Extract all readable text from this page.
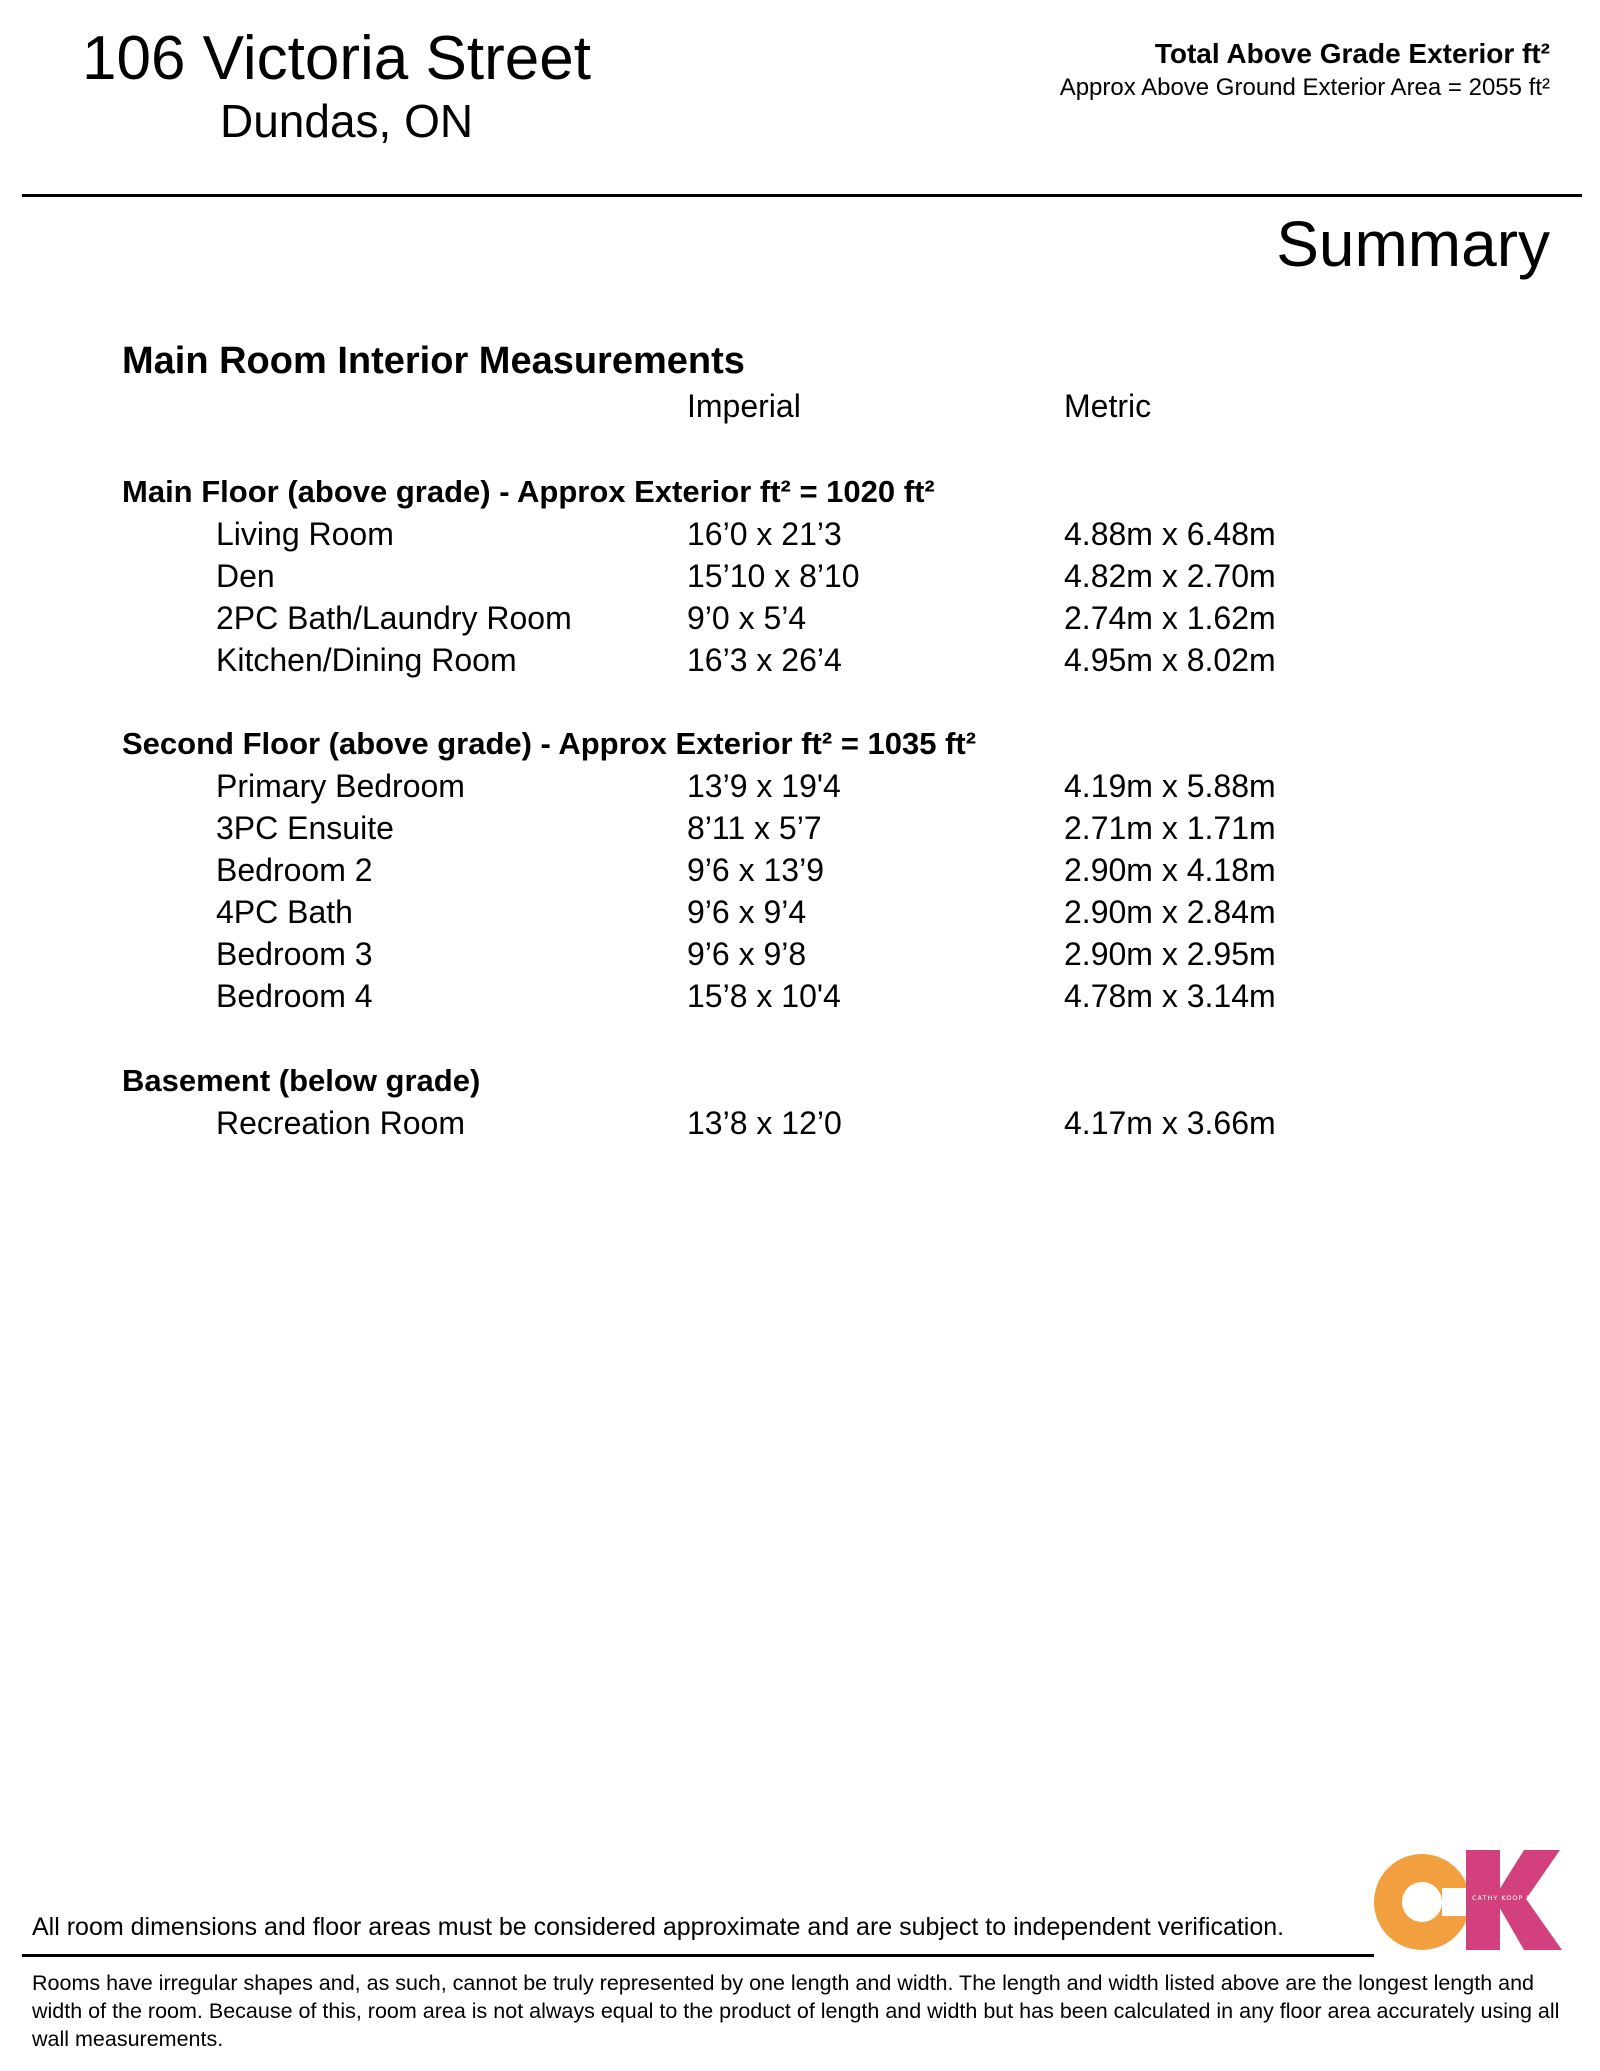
106 Victoria Street
Dundas, ON
Total Above Grade Exterior ft²
Approx Above Ground Exterior Area = 2055 ft²
Summary
Main Room Interior Measurements
Imperial	Metric
Main Floor (above grade) - Approx Exterior ft² = 1020 ft²
Living Room	16’0 x 21’3	4.88m x 6.48m
Den	15’10 x 8’10	4.82m x 2.70m
2PC Bath/Laundry Room	9’0 x 5’4	2.74m x 1.62m
Kitchen/Dining Room	16’3 x 26’4	4.95m x 8.02m
Second Floor (above grade) - Approx Exterior ft² = 1035 ft²
Primary Bedroom	13’9 x 19'4	4.19m x 5.88m
3PC Ensuite	8’11 x 5’7	2.71m x 1.71m
Bedroom 2	9’6 x 13’9	2.90m x 4.18m
4PC Bath	9’6 x 9’4	2.90m x 2.84m
Bedroom 3	9’6 x 9’8	2.90m x 2.95m
Bedroom 4	15’8 x 10'4	4.78m x 3.14m
Basement (below grade)
Recreation Room	13’8 x 12’0	4.17m x 3.66m
All room dimensions and floor areas must be considered approximate and are subject to independent verification.
Rooms have irregular shapes and, as such, cannot be truly represented by one length and width. The length and width listed above are the longest length and width of the room. Because of this, room area is not always equal to the product of length and width but has been calculated in any floor area accurately using all wall measurements.
CATHY KOOP PHOTOGRAPHY
